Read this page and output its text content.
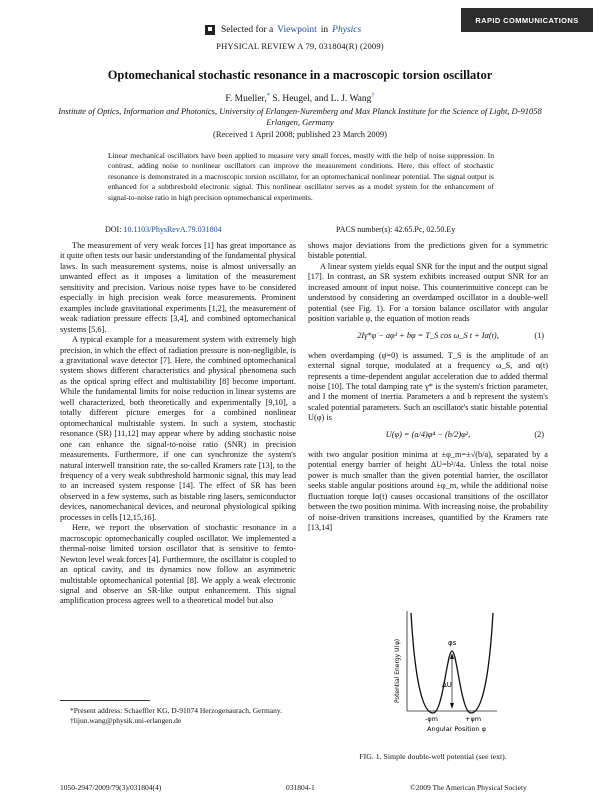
RAPID COMMUNICATIONS
Selected for a Viewpoint in Physics
PHYSICAL REVIEW A 79, 031804(R) (2009)
Optomechanical stochastic resonance in a macroscopic torsion oscillator
F. Mueller,* S. Heugel, and L. J. Wang†
Institute of Optics, Information and Photonics, University of Erlangen-Nuremberg and Max Planck Institute for the Science of Light, D-91058 Erlangen, Germany
(Received 1 April 2008; published 23 March 2009)
Linear mechanical oscillators have been applied to measure very small forces, mostly with the help of noise suppression. In contrast, adding noise to nonlinear oscillators can improve the measurement conditions. Here, this effect of stochastic resonance is demonstrated in a macroscopic torsion oscillator, for an optomechanical nonlinear potential. The signal output is enhanced for a subthreshold electronic signal. This nonlinear oscillator serves as a model system for the enhancement of signal-to-noise ratio in high precision optomechanical experiments.
DOI: 10.1103/PhysRevA.79.031804	PACS number(s): 42.65.Pc, 02.50.Ey

The measurement of very weak forces [1] has great importance as it quite often tests our basic understanding of the fundamental physical laws. In such measurement systems, noise is almost universally an unwanted effect as it imposes a limitation of the measurement sensitivity and precision. Various noise types have to be considered especially in high precision weak force measurements. Prominent examples include gravitational experiments [1,2], the measurement of weak radiation pressure effects [3,4], and combined optomechanical systems [5,6].

A typical example for a measurement system with extremely high precision, in which the effect of radiation pressure is non-negligible, is a gravitational wave detector [7]. Here, the combined optomechanical system shows different characteristics and physical phenomena such as the optical spring effect and multistability [8] become important. While the fundamental limits for noise reduction in linear systems are well characterized, both theoretically and experimentally [9,10], a totally different picture emerges for a combined nonlinear optomechanical multistable system. In such a system, stochastic resonance (SR) [11,12] may appear where by adding stochastic noise one can enhance the signal-to-noise ratio (SNR) in precision measurements. Furthermore, if one can synchronize the system's natural interwell transition rate, the so-called Kramers rate [13], to the frequency of a very weak subthreshold harmonic signal, this may lead to an increased system response [14]. The effect of SR has been observed in a few systems, such as bistable ring lasers, semiconductor devices, nanomechanical devices, and neuronal physiological spiking processes in cells [12,15,16].

Here, we report the observation of stochastic resonance in a macroscopic optomechanically coupled oscillator. We implemented a thermal-noise limited torsion oscillator that is sensitive to femto-Newton level weak forces [4]. Furthermore, the oscillator is coupled to an optical cavity, and its dynamics now follow an asymmetric multistable optomechanical potential [8]. We apply a weak electronic signal and observe an SR-like output enhancement. This signal amplification process agrees well to a theoretical model but also

*Present address: Schaeffler KG, D-91074 Herzogenaurach, Germany.

†lijun.wang@physik.uni-erlangen.de

shows major deviations from the predictions given for a symmetric bistable potential.

A linear system yields equal SNR for the input and the output signal [17]. In contrast, an SR system exhibits increased output SNR for an increased amount of input noise. This counterintuitive concept can be understood by considering an overdamped oscillator in a double-well potential (see Fig. 1). For a torsion balance oscillator with angular position variable φ, the equation of motion reads

2Iγ*φ̇ − aφ³ + bφ = T_S cos ω_S t + Iα(t),	(1)

when overdamping (φ̈=0) is assumed. T_S is the amplitude of an external signal torque, modulated at a frequency ω_S, and α(t) represents a time-dependent angular acceleration due to added thermal noise [10]. The total damping rate γ* is the system's friction parameter, and I the moment of inertia. Parameters a and b represent the system's scaled potential parameters. Such an oscillator's static bistable potential U(φ) is

U(φ) = (a/4)φ⁴ − (b/2)φ²,	(2)

with two angular position minima at ±φ_m=±√(b/a), separated by a potential energy barrier of height ΔU=b²/4a. Unless the total noise power is much smaller than the given potential barrier, the oscillator seeks stable angular positions around ±φ_m, while the additional noise fluctuation torque Iα(t) causes occasional transitions of the oscillator between the two position minima. With increasing noise, the probability of noise-driven transitions increases, quantified by the Kramers rate [13,14]

ΔU
φs
-φm	+φm
Angular Position φ
Potential Energy U(φ)
FIG. 1. Simple double-well potential (see text).
1050-2947/2009/79(3)/031804(4)	031804-1	©2009 The American Physical Society
